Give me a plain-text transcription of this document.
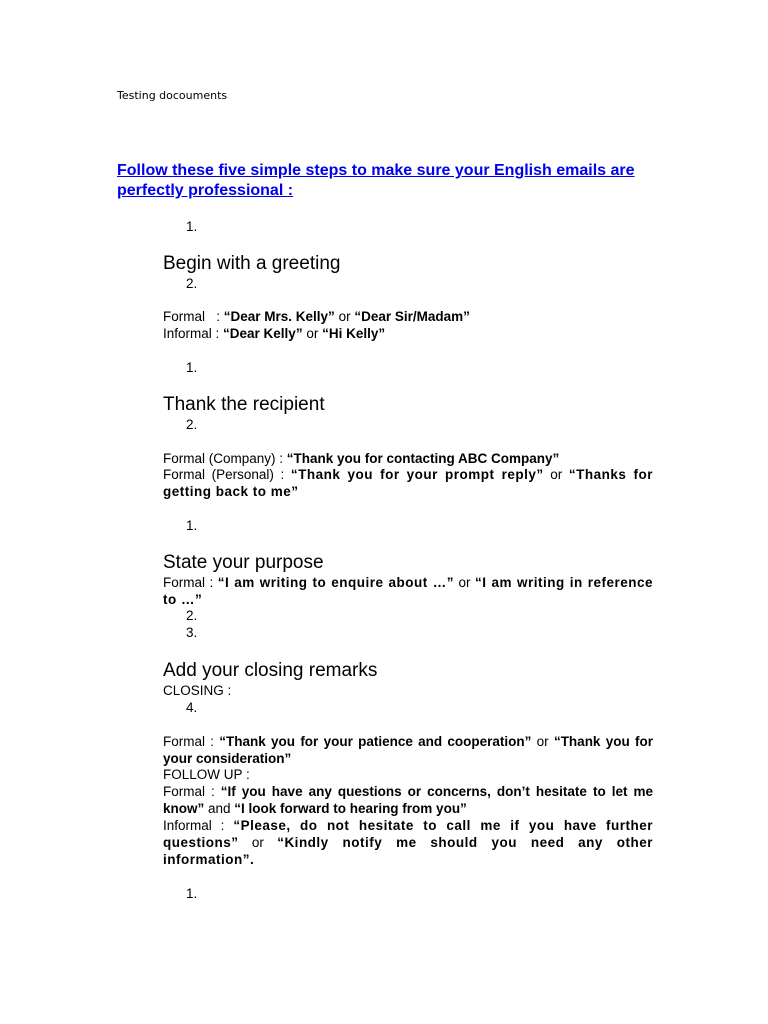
Testing docouments
Follow these five simple steps to make sure your English emails are perfectly professional :
1.
Begin with a greeting
2.
Formal   : “Dear Mrs. Kelly” or “Dear Sir/Madam”
Informal : “Dear Kelly” or “Hi Kelly”
1.
Thank the recipient
2.
Formal (Company) : “Thank you for contacting ABC Company”
Formal (Personal) : “Thank you for your prompt reply” or “Thanks for getting back to me”
1.
State your purpose
Formal : “I am writing to enquire about …” or “I am writing in reference to …”
2.
3.
Add your closing remarks
CLOSING :
4.
Formal : “Thank you for your patience and cooperation” or “Thank you for your consideration”
FOLLOW UP :
Formal : “If you have any questions or concerns, don’t hesitate to let me know” and “I look forward to hearing from you”
Informal : “Please, do not hesitate to call me if you have further questions” or “Kindly notify me should you need any other information”.
1.
